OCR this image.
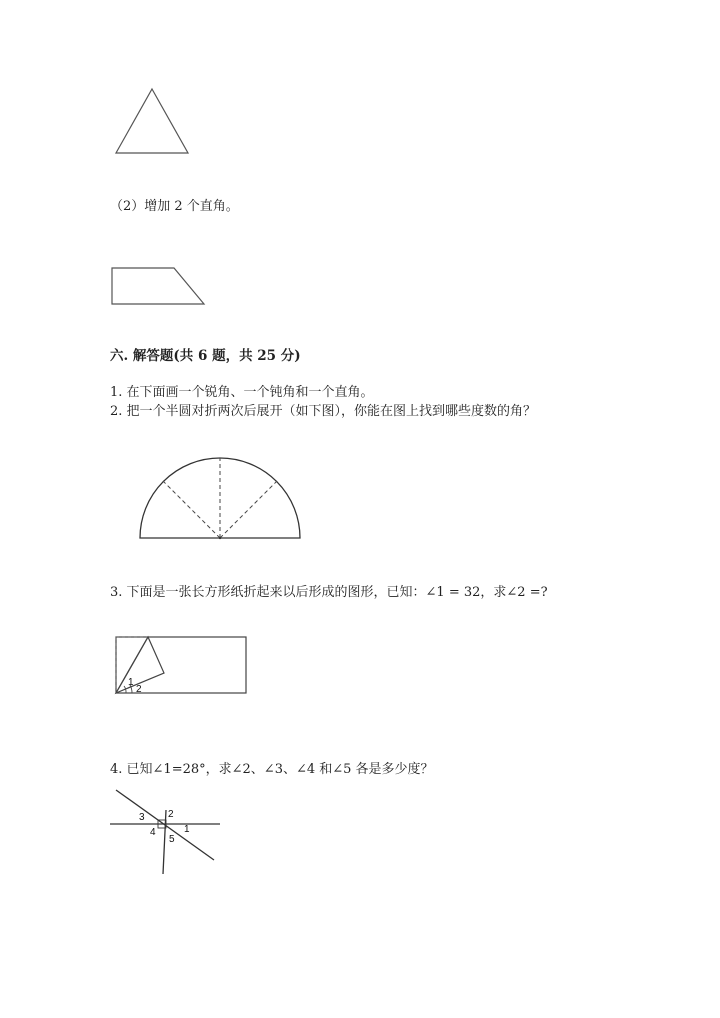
（2）增加 2 个直角。
六. 解答题(共 6 题，共 25 分)
1. 在下面画一个锐角、一个钝角和一个直角。
2. 把一个半圆对折两次后展开（如下图），你能在图上找到哪些度数的角？
3. 下面是一张长方形纸折起来以后形成的图形，已知：∠1 = 32，求∠2 =?
1
2
4. 已知∠1=28°，求∠2、∠3、∠4 和∠5 各是多少度？
3 2
1
4
5
